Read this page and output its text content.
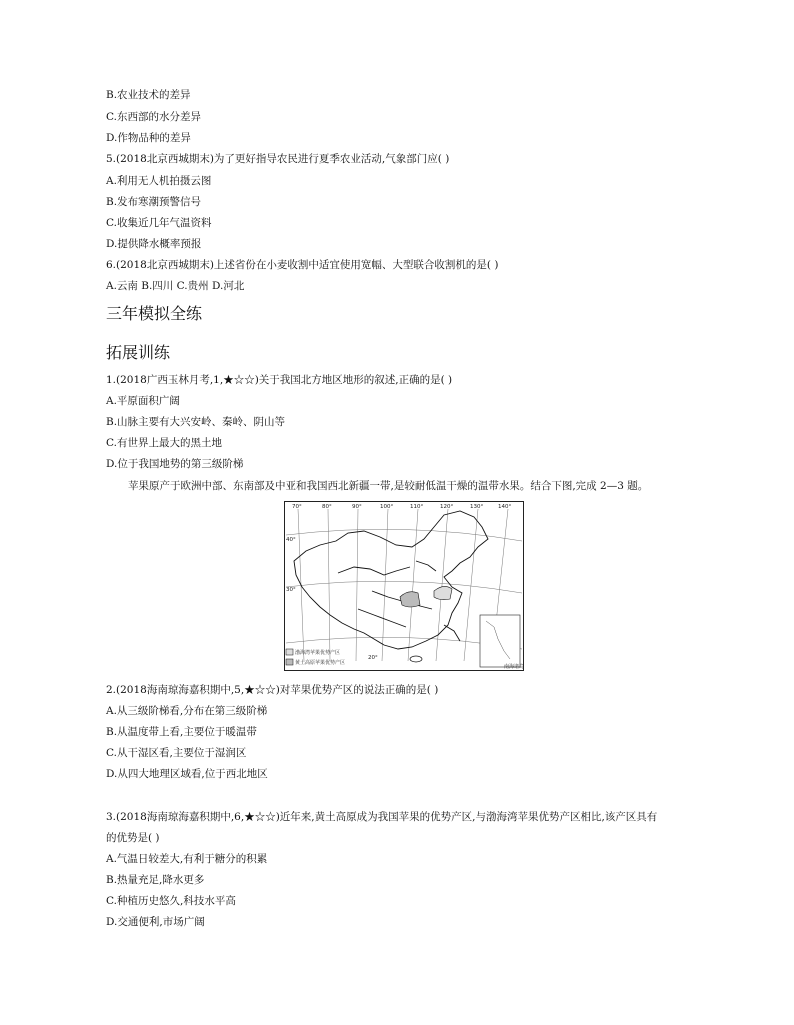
B.农业技术的差异
C.东西部的水分差异
D.作物品种的差异
5.(2018北京西城期末)为了更好指导农民进行夏季农业活动,气象部门应( )
A.利用无人机拍摄云图
B.发布寒潮预警信号
C.收集近几年气温资料
D.提供降水概率预报
6.(2018北京西城期末)上述省份在小麦收割中适宜使用宽幅、大型联合收割机的是( )
A.云南 B.四川 C.贵州 D.河北
三年模拟全练
拓展训练
1.(2018广西玉林月考,1,★☆☆)关于我国北方地区地形的叙述,正确的是( )
A.平原面积广阔
B.山脉主要有大兴安岭、秦岭、阴山等
C.有世界上最大的黑土地
D.位于我国地势的第三级阶梯
苹果原产于欧洲中部、东南部及中亚和我国西北新疆一带,是较耐低温干燥的温带水果。结合下图,完成 2—3 题。
渤海湾苹果优势产区
黄土高原苹果优势产区
70°	80°	90°	100°	110°	120°	130°	140°
40°
30°
20°
南海诸岛
2.(2018海南琼海嘉积期中,5,★☆☆)对苹果优势产区的说法正确的是( )
A.从三级阶梯看,分布在第三级阶梯
B.从温度带上看,主要位于暖温带
C.从干湿区看,主要位于湿润区
D.从四大地理区域看,位于西北地区
3.(2018海南琼海嘉积期中,6,★☆☆)近年来,黄土高原成为我国苹果的优势产区,与渤海湾苹果优势产区相比,该产区具有
的优势是( )
A.气温日较差大,有利于糖分的积累
B.热量充足,降水更多
C.种植历史悠久,科技水平高
D.交通便利,市场广阔
